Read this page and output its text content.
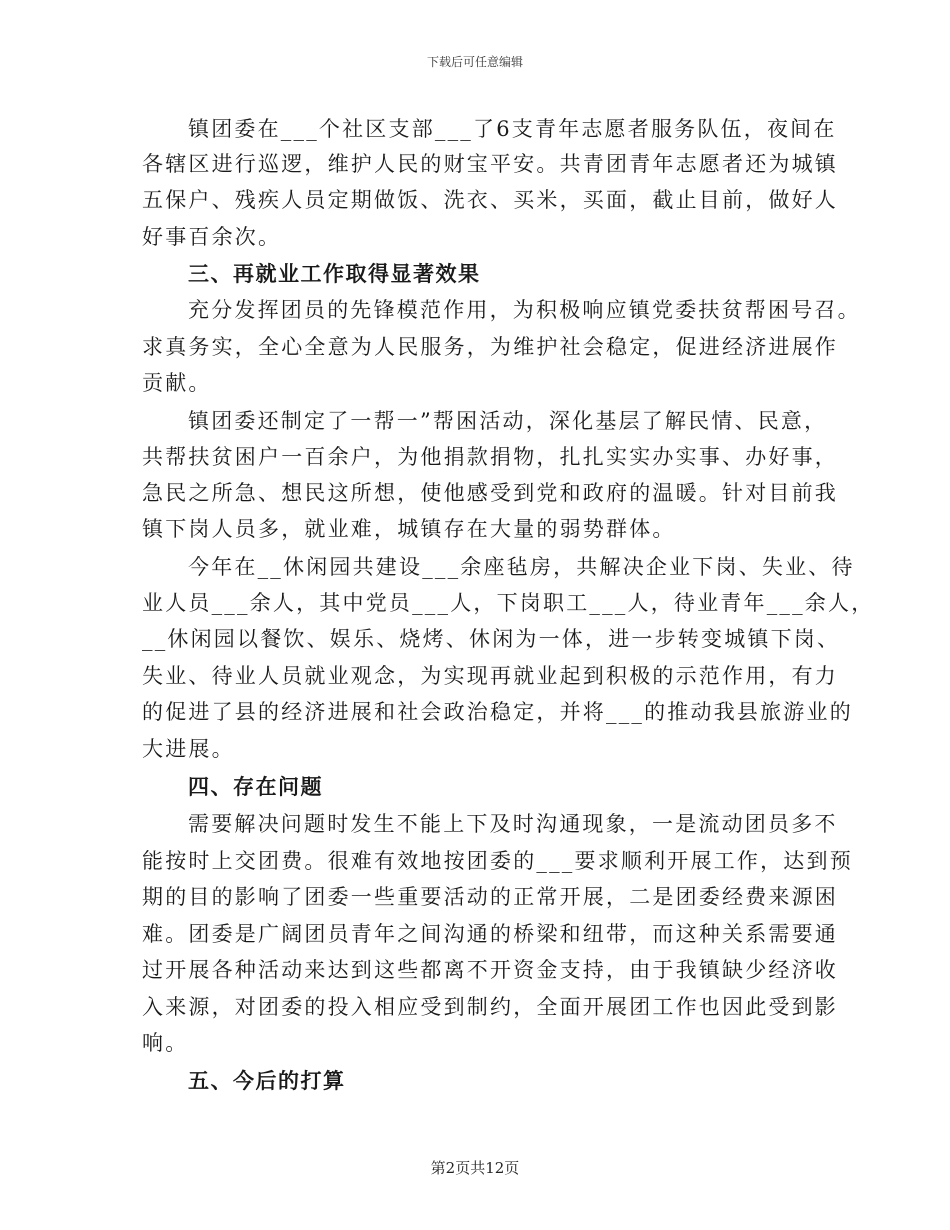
下载后可任意编辑
镇团委在___个社区支部___了6支青年志愿者服务队伍，夜间在
各辖区进行巡逻，维护人民的财宝平安。共青团青年志愿者还为城镇
五保户、残疾人员定期做饭、洗衣、买米，买面，截止目前，做好人
好事百余次。
三、再就业工作取得显著效果
充分发挥团员的先锋模范作用，为积极响应镇党委扶贫帮困号召。
求真务实，全心全意为人民服务，为维护社会稳定，促进经济进展作
贡献。
镇团委还制定了一帮一”帮困活动，深化基层了解民情、民意，
共帮扶贫困户一百余户，为他捐款捐物，扎扎实实办实事、办好事，
急民之所急、想民这所想，使他感受到党和政府的温暖。针对目前我
镇下岗人员多，就业难，城镇存在大量的弱势群体。
今年在__休闲园共建设___余座毡房，共解决企业下岗、失业、待
业人员___余人，其中党员___人，下岗职工___人，待业青年___余人，
__休闲园以餐饮、娱乐、烧烤、休闲为一体，进一步转变城镇下岗、
失业、待业人员就业观念，为实现再就业起到积极的示范作用，有力
的促进了县的经济进展和社会政治稳定，并将___的推动我县旅游业的
大进展。
四、存在问题
需要解决问题时发生不能上下及时沟通现象，一是流动团员多不
能按时上交团费。很难有效地按团委的___要求顺利开展工作，达到预
期的目的影响了团委一些重要活动的正常开展，二是团委经费来源困
难。团委是广阔团员青年之间沟通的桥梁和纽带，而这种关系需要通
过开展各种活动来达到这些都离不开资金支持，由于我镇缺少经济收
入来源，对团委的投入相应受到制约，全面开展团工作也因此受到影
响。
五、今后的打算
第2页共12页
